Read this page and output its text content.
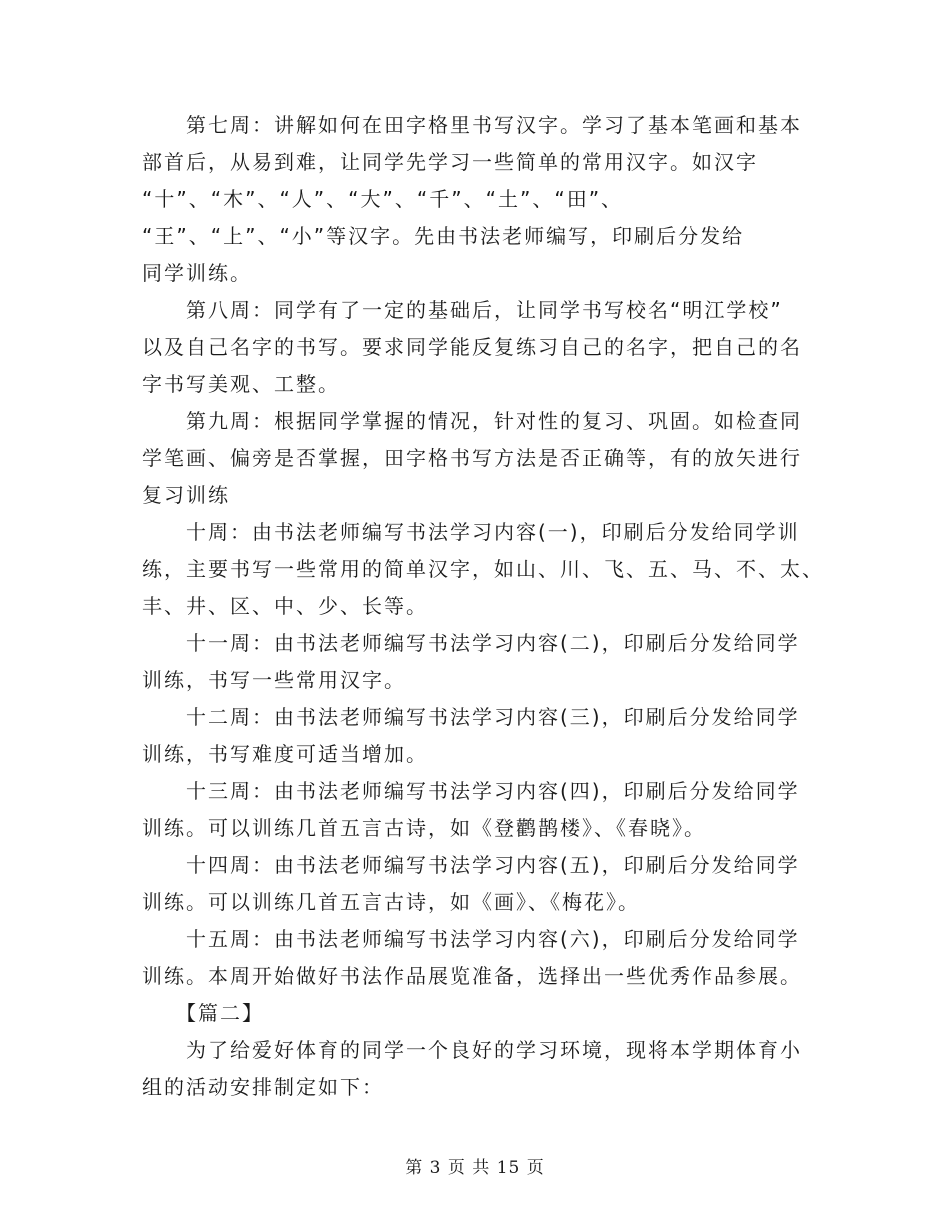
　　第七周：讲解如何在田字格里书写汉字。学习了基本笔画和基本
部首后，从易到难，让同学先学习一些简单的常用汉字。如汉字
“十”、“木”、“人”、“大”、“千”、“土”、“田”、
“王”、“上”、“小”等汉字。先由书法老师编写，印刷后分发给
同学训练。
　　第八周：同学有了一定的基础后，让同学书写校名“明江学校”
以及自己名字的书写。要求同学能反复练习自己的名字，把自己的名
字书写美观、工整。
　　第九周：根据同学掌握的情况，针对性的复习、巩固。如检查同
学笔画、偏旁是否掌握，田字格书写方法是否正确等，有的放矢进行
复习训练
　　十周：由书法老师编写书法学习内容(一)，印刷后分发给同学训
练，主要书写一些常用的简单汉字，如山、川、飞、五、马、不、太、
丰、井、区、中、少、长等。
　　十一周：由书法老师编写书法学习内容(二)，印刷后分发给同学
训练，书写一些常用汉字。
　　十二周：由书法老师编写书法学习内容(三)，印刷后分发给同学
训练，书写难度可适当增加。
　　十三周：由书法老师编写书法学习内容(四)，印刷后分发给同学
训练。可以训练几首五言古诗，如《登鹳鹊楼》、《春晓》。
　　十四周：由书法老师编写书法学习内容(五)，印刷后分发给同学
训练。可以训练几首五言古诗，如《画》、《梅花》。
　　十五周：由书法老师编写书法学习内容(六)，印刷后分发给同学
训练。本周开始做好书法作品展览准备，选择出一些优秀作品参展。
　　【篇二】
　　为了给爱好体育的同学一个良好的学习环境，现将本学期体育小
组的活动安排制定如下：
第 3 页 共 15 页
